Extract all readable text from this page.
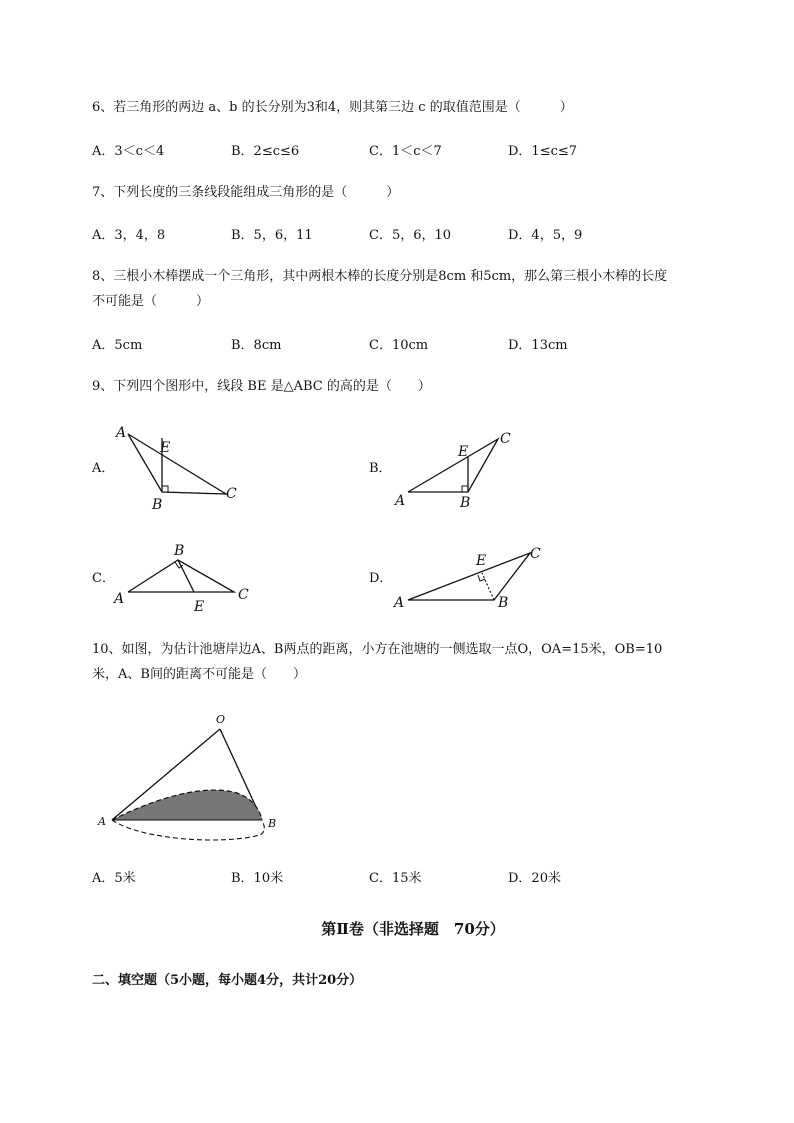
6、若三角形的两边 a、b 的长分别为3和4，则其第三边 c 的取值范围是（　　　）
A．3＜c＜4	B．2≤c≤6	C．1＜c＜7	D．1≤c≤7
7、下列长度的三条线段能组成三角形的是（　　　）
A．3，4，8	B．5，6，11	C．5，6，10	D．4，5，9
8、三根小木棒摆成一个三角形，其中两根木棒的长度分别是8cm 和5cm，那么第三根小木棒的长度
不可能是（　　　）
A．5cm	B．8cm	C．10cm	D．13cm
9、下列四个图形中，线段 BE 是△ABC 的高的是（　　）
A．
A
E
B
C
B．
A
E
B
C
C．
A
B
C
E
D．
A
E
B
C
10、如图，为估计池塘岸边A、B两点的距离，小方在池塘的一侧选取一点O，OA=15米，OB=10
米，A、B间的距离不可能是（　　）
O
A	B
A．5米	B．10米	C．15米	D．20米
第Ⅱ卷（非选择题　70分）
二、填空题（5小题，每小题4分，共计20分）
